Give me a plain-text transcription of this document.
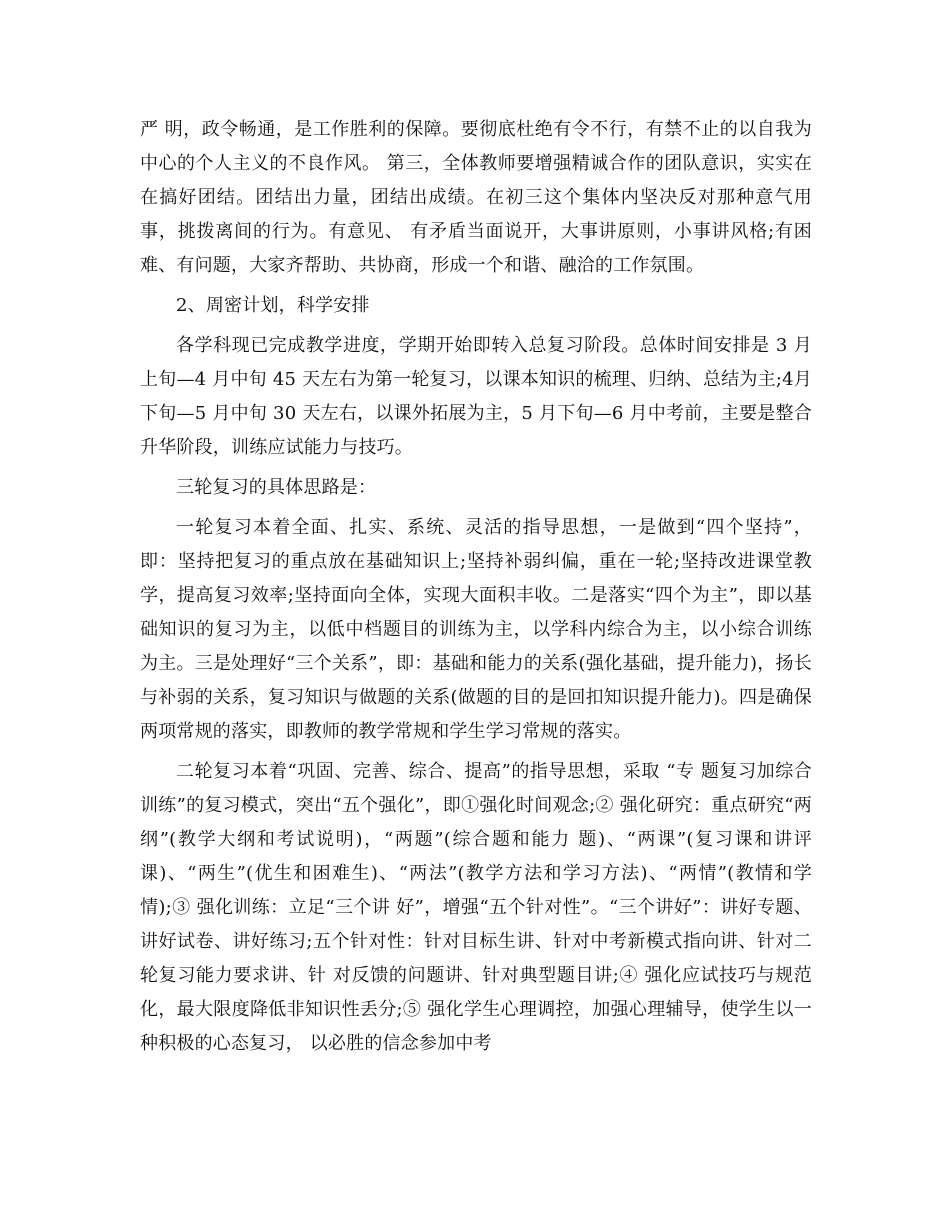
严 明，政令畅通，是工作胜利的保障。要彻底杜绝有令不行，有禁不止的以自我为中心的个人主义的不良作风。 第三，全体教师要增强精诚合作的团队意识，实实在在搞好团结。团结出力量，团结出成绩。在初三这个集体内坚决反对那种意气用事，挑拨离间的行为。有意见、 有矛盾当面说开，大事讲原则，小事讲风格;有困难、有问题，大家齐帮助、共协商，形成一个和谐、融洽的工作氛围。

2、周密计划，科学安排

各学科现已完成教学进度，学期开始即转入总复习阶段。总体时间安排是 3 月上旬—4 月中旬 45 天左右为第一轮复习，以课本知识的梳理、归纳、总结为主;4月下旬—5 月中旬 30 天左右，以课外拓展为主，5 月下旬—6 月中考前，主要是整合升华阶段，训练应试能力与技巧。

三轮复习的具体思路是：

一轮复习本着全面、扎实、系统、灵活的指导思想，一是做到“四个坚持”，即：坚持把复习的重点放在基础知识上;坚持补弱纠偏，重在一轮;坚持改进课堂教学，提高复习效率;坚持面向全体，实现大面积丰收。二是落实“四个为主”，即以基础知识的复习为主，以低中档题目的训练为主，以学科内综合为主，以小综合训练为主。三是处理好“三个关系”，即：基础和能力的关系(强化基础，提升能力)，扬长与补弱的关系，复习知识与做题的关系(做题的目的是回扣知识提升能力)。四是确保两项常规的落实，即教师的教学常规和学生学习常规的落实。

二轮复习本着“巩固、完善、综合、提高”的指导思想，采取 “专 题复习加综合训练”的复习模式，突出“五个强化”，即①强化时间观念;② 强化研究：重点研究“两纲”(教学大纲和考试说明)，“两题”(综合题和能力 题)、“两课”(复习课和讲评课)、“两生”(优生和困难生)、“两法”(教学方法和学习方法)、“两情”(教情和学情);③ 强化训练：立足“三个讲 好”，增强“五个针对性”。“三个讲好”：讲好专题、讲好试卷、讲好练习;五个针对性：针对目标生讲、针对中考新模式指向讲、针对二轮复习能力要求讲、针 对反馈的问题讲、针对典型题目讲;④ 强化应试技巧与规范化，最大限度降低非知识性丢分;⑤ 强化学生心理调控，加强心理辅导，使学生以一种积极的心态复习， 以必胜的信念参加中考
